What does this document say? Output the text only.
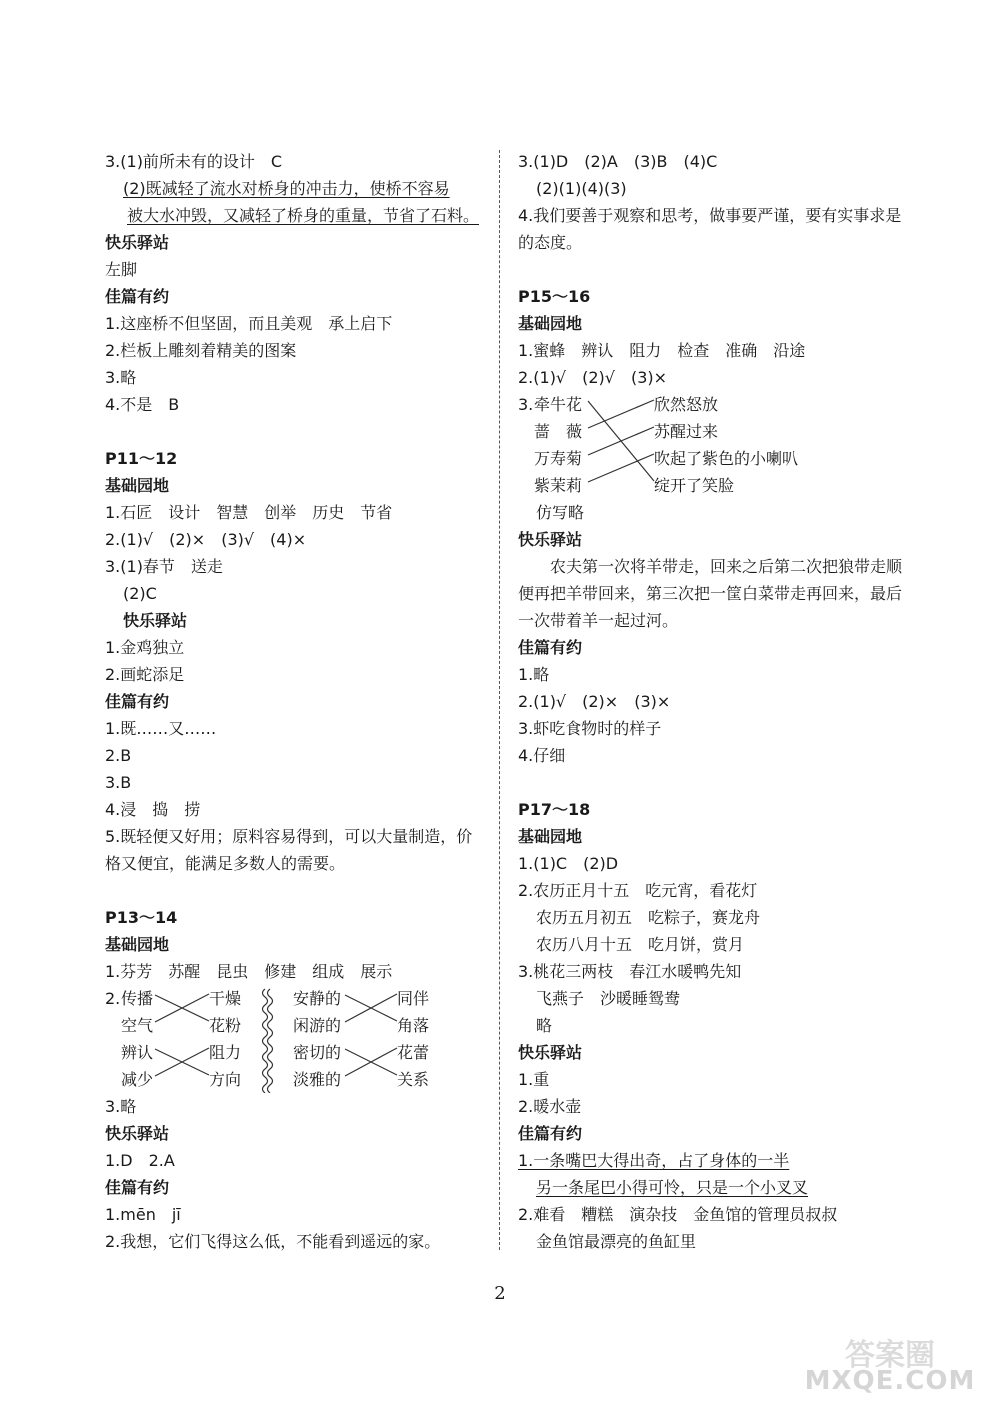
3.(1)前所未有的设计　C
(2)既减轻了流水对桥身的冲击力，使桥不容易
被大水冲毁，又减轻了桥身的重量，节省了石料。
快乐驿站
左脚
佳篇有约
1.这座桥不但坚固，而且美观　承上启下
2.栏板上雕刻着精美的图案
3.略
4.不是　B
P11～12
基础园地
1.石匠　设计　智慧　创举　历史　节省
2.(1)√　(2)×　(3)√　(4)×
3.(1)春节　送走
(2)C
快乐驿站
1.金鸡独立
2.画蛇添足
佳篇有约
1.既……又……
2.B
3.B
4.浸　捣　捞
5.既轻便又好用；原料容易得到，可以大量制造，价格又便宜，能满足多数人的需要。
P13～14
基础园地
1.芬芳　苏醒　昆虫　修建　组成　展示
2. 传播
空气
辨认
减少
干燥
花粉
阻力
方向
安静的
闲游的
密切的
淡雅的
同伴
角落
花蕾
关系
3.略
快乐驿站
1.D　2.A
佳篇有约
1.mēn　jī
2.我想，它们飞得这么低，不能看到遥远的家。
3.(1)D　(2)A　(3)B　(4)C
(2)(1)(4)(3)
4.我们要善于观察和思考，做事要严谨，要有实事求是的态度。
P15～16
基础园地
1.蜜蜂　辨认　阻力　检查　准确　沿途
2.(1)√　(2)√　(3)×
3. 牵牛花
蔷　薇
万寿菊
紫茉莉
欣然怒放
苏醒过来
吹起了紫色的小喇叭
绽开了笑脸
仿写略
快乐驿站
农夫第一次将羊带走，回来之后第二次把狼带走顺便再把羊带回来，第三次把一筐白菜带走再回来，最后一次带着羊一起过河。
佳篇有约
1.略
2.(1)√　(2)×　(3)×
3.虾吃食物时的样子
4.仔细
P17～18
基础园地
1.(1)C　(2)D
2.农历正月十五　吃元宵，看花灯
农历五月初五　吃粽子，赛龙舟
农历八月十五　吃月饼，赏月
3.桃花三两枝　春江水暖鸭先知
飞燕子　沙暖睡鸳鸯
略
快乐驿站
1.重
2.暖水壶
佳篇有约
1.一条嘴巴大得出奇，占了身体的一半
另一条尾巴小得可怜，只是一个小叉叉
2.难看　糟糕　演杂技　金鱼馆的管理员叔叔
金鱼馆最漂亮的鱼缸里
2
答案圈
MXQE.COM
